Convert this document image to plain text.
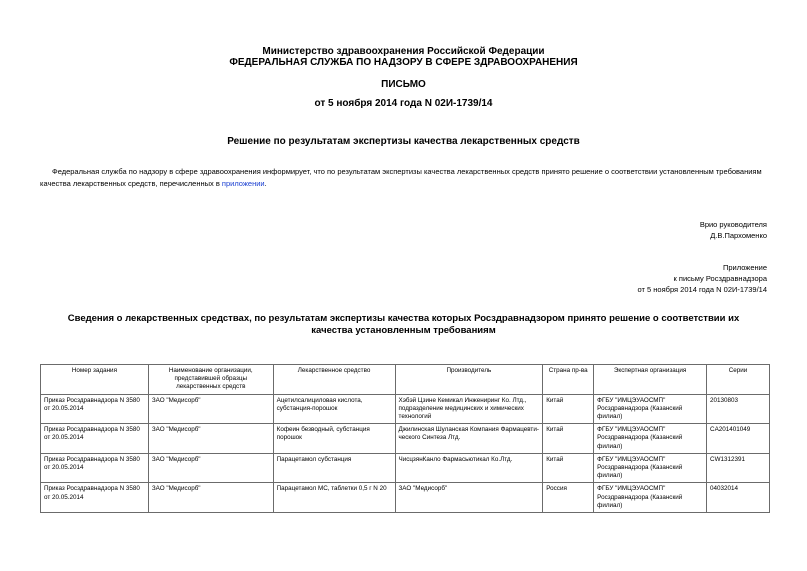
Министерство здравоохранения Российской Федерации
ФЕДЕРАЛЬНАЯ СЛУЖБА ПО НАДЗОРУ В СФЕРЕ ЗДРАВООХРАНЕНИЯ
ПИСЬМО
от 5 ноября 2014 года N 02И-1739/14
Решение по результатам экспертизы качества лекарственных средств
Федеральная служба по надзору в сфере здравоохранения информирует, что по результатам экспертизы качества лекарственных средств принято решение о соответствии установленным требованиям качества лекарственных средств, перечисленных в приложении.
Врио руководителя
Д.В.Пархоменко
Приложение
к письму Росздравнадзора
от 5 ноября 2014 года N 02И-1739/14
Сведения о лекарственных средствах, по результатам экспертизы качества которых Росздравнадзором принято решение о соответствии их качества установленным требованиям
Номер задания	Наименование организации, представившей образцы лекарственных средств	Лекарственное средство	Производитель	Страна пр-ва	Экспертная организация	Серии
Приказ Росздравнадзора N 3580 от 20.05.2014	ЗАО "Медисорб"	Ацетилсалициловая кислота, субстанция-порошок	Хэбэй Цзине Кемикал Инжениринг Ко. Лтд., подразделение медицинских и химических технологий	Китай	ФГБУ "ИМЦЭУАОСМП" Росздравнадзора (Казанский филиал)	20130803
Приказ Росздравнадзора N 3580 от 20.05.2014	ЗАО "Медисорб"	Кофеин безводный, субстанция порошок	Джилинская Шуланская Компания Фармацевти-ческого Синтеза Лтд.	Китай	ФГБУ "ИМЦЭУАОСМП" Росздравнадзора (Казанский филиал)	CA201401049
Приказ Росздравнадзора N 3580 от 20.05.2014	ЗАО "Медисорб"	Парацетамол субстанция	ЧисцзянКанло Фармасьютикал Ко.Лтд.	Китай	ФГБУ "ИМЦЭУАОСМП" Росздравнадзора (Казанский филиал)	CW1312391
Приказ Росздравнадзора N 3580 от 20.05.2014	ЗАО "Медисорб"	Парацетамол МС, таблетки 0,5 г N 20	ЗАО "Медисорб"	Россия	ФГБУ "ИМЦЭУАОСМП" Росздравнадзора (Казанский филиал)	04032014
